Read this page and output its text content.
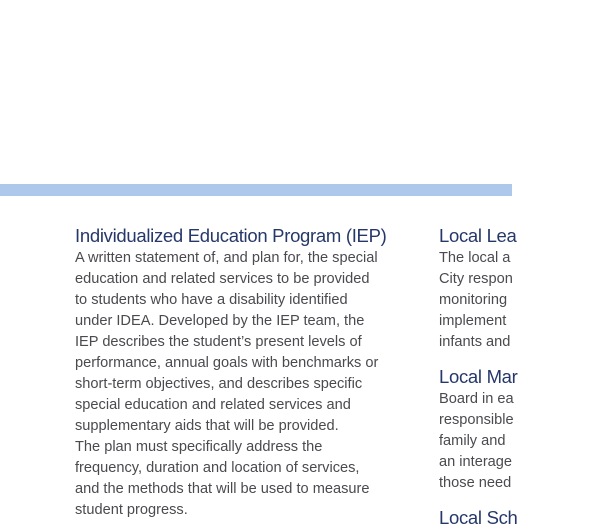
Individualized Education Program (IEP)

A written statement of, and plan for, the special
education and related services to be provided
to students who have a disability identified
under IDEA. Developed by the IEP team, the
IEP describes the student’s present levels of
performance, annual goals with benchmarks or
short-term objectives, and describes specific
special education and related services and
supplementary aids that will be provided.
The plan must specifically address the
frequency, duration and location of services,
and the methods that will be used to measure
student progress.

Local Lea

The local a
City respon
monitoring
implement
infants and

Local Mar

Board in ea
responsible
family and
an interage
those need

Local Sch
